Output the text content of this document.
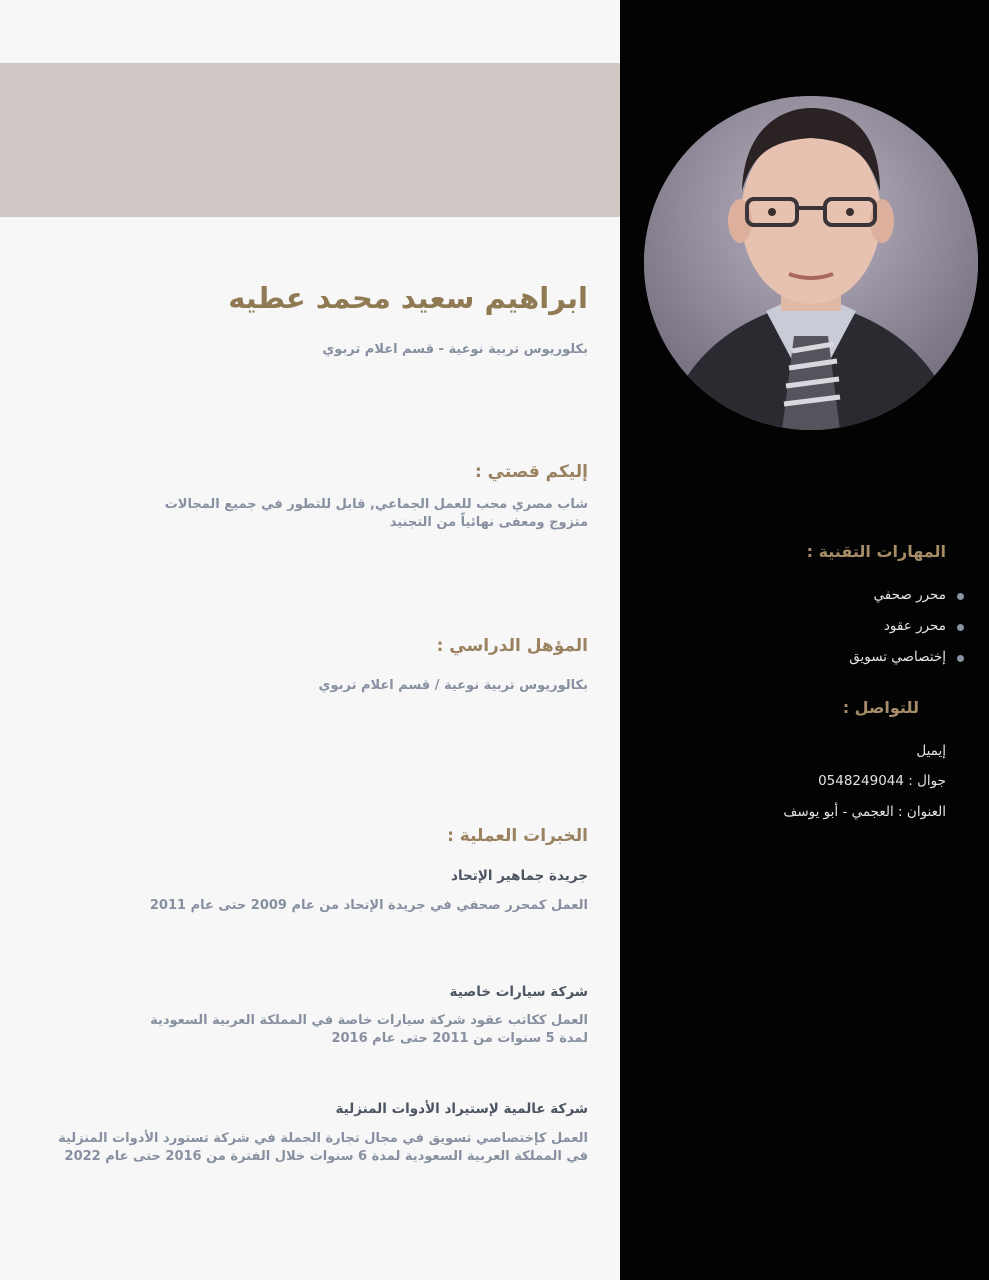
ابراهيم سعيد محمد عطيه

بكلوريوس تربية نوعية - قسم اعلام تربوي

إليكم قصتي :

شاب مصري محب للعمل الجماعي, قابل للتطور في جميع المجالات

متزوج ومعفى نهائياً من التجنيد

المؤهل الدراسي :

بكالوريوس تربية نوعية / قسم اعلام تربوي

الخبرات العملية :

جريدة جماهير الإتحاد

العمل كمحرر صحفي في جريدة الإتحاد من عام 2009 حتى عام 2011

شركة سيارات خاصية

العمل ككاتب عقود شركة سيارات خاصة في المملكة العربية السعودية

لمدة 5 سنوات من 2011 حتى عام 2016

شركة عالمية لإستيراد الأدوات المنزلية

العمل كإختصاصي تسويق في مجال تجارة الجملة في شركة تستورد الأدوات المنزلية

في المملكة العربية السعودية لمدة 6 سنوات خلال الفترة من 2016 حتى عام 2022

المهارات التقنية :

محرر صحفي

محرر عقود

إختصاصي تسويق

للتواصل :

إيميل

جوال : 0548249044

العنوان : العجمي - أبو يوسف
